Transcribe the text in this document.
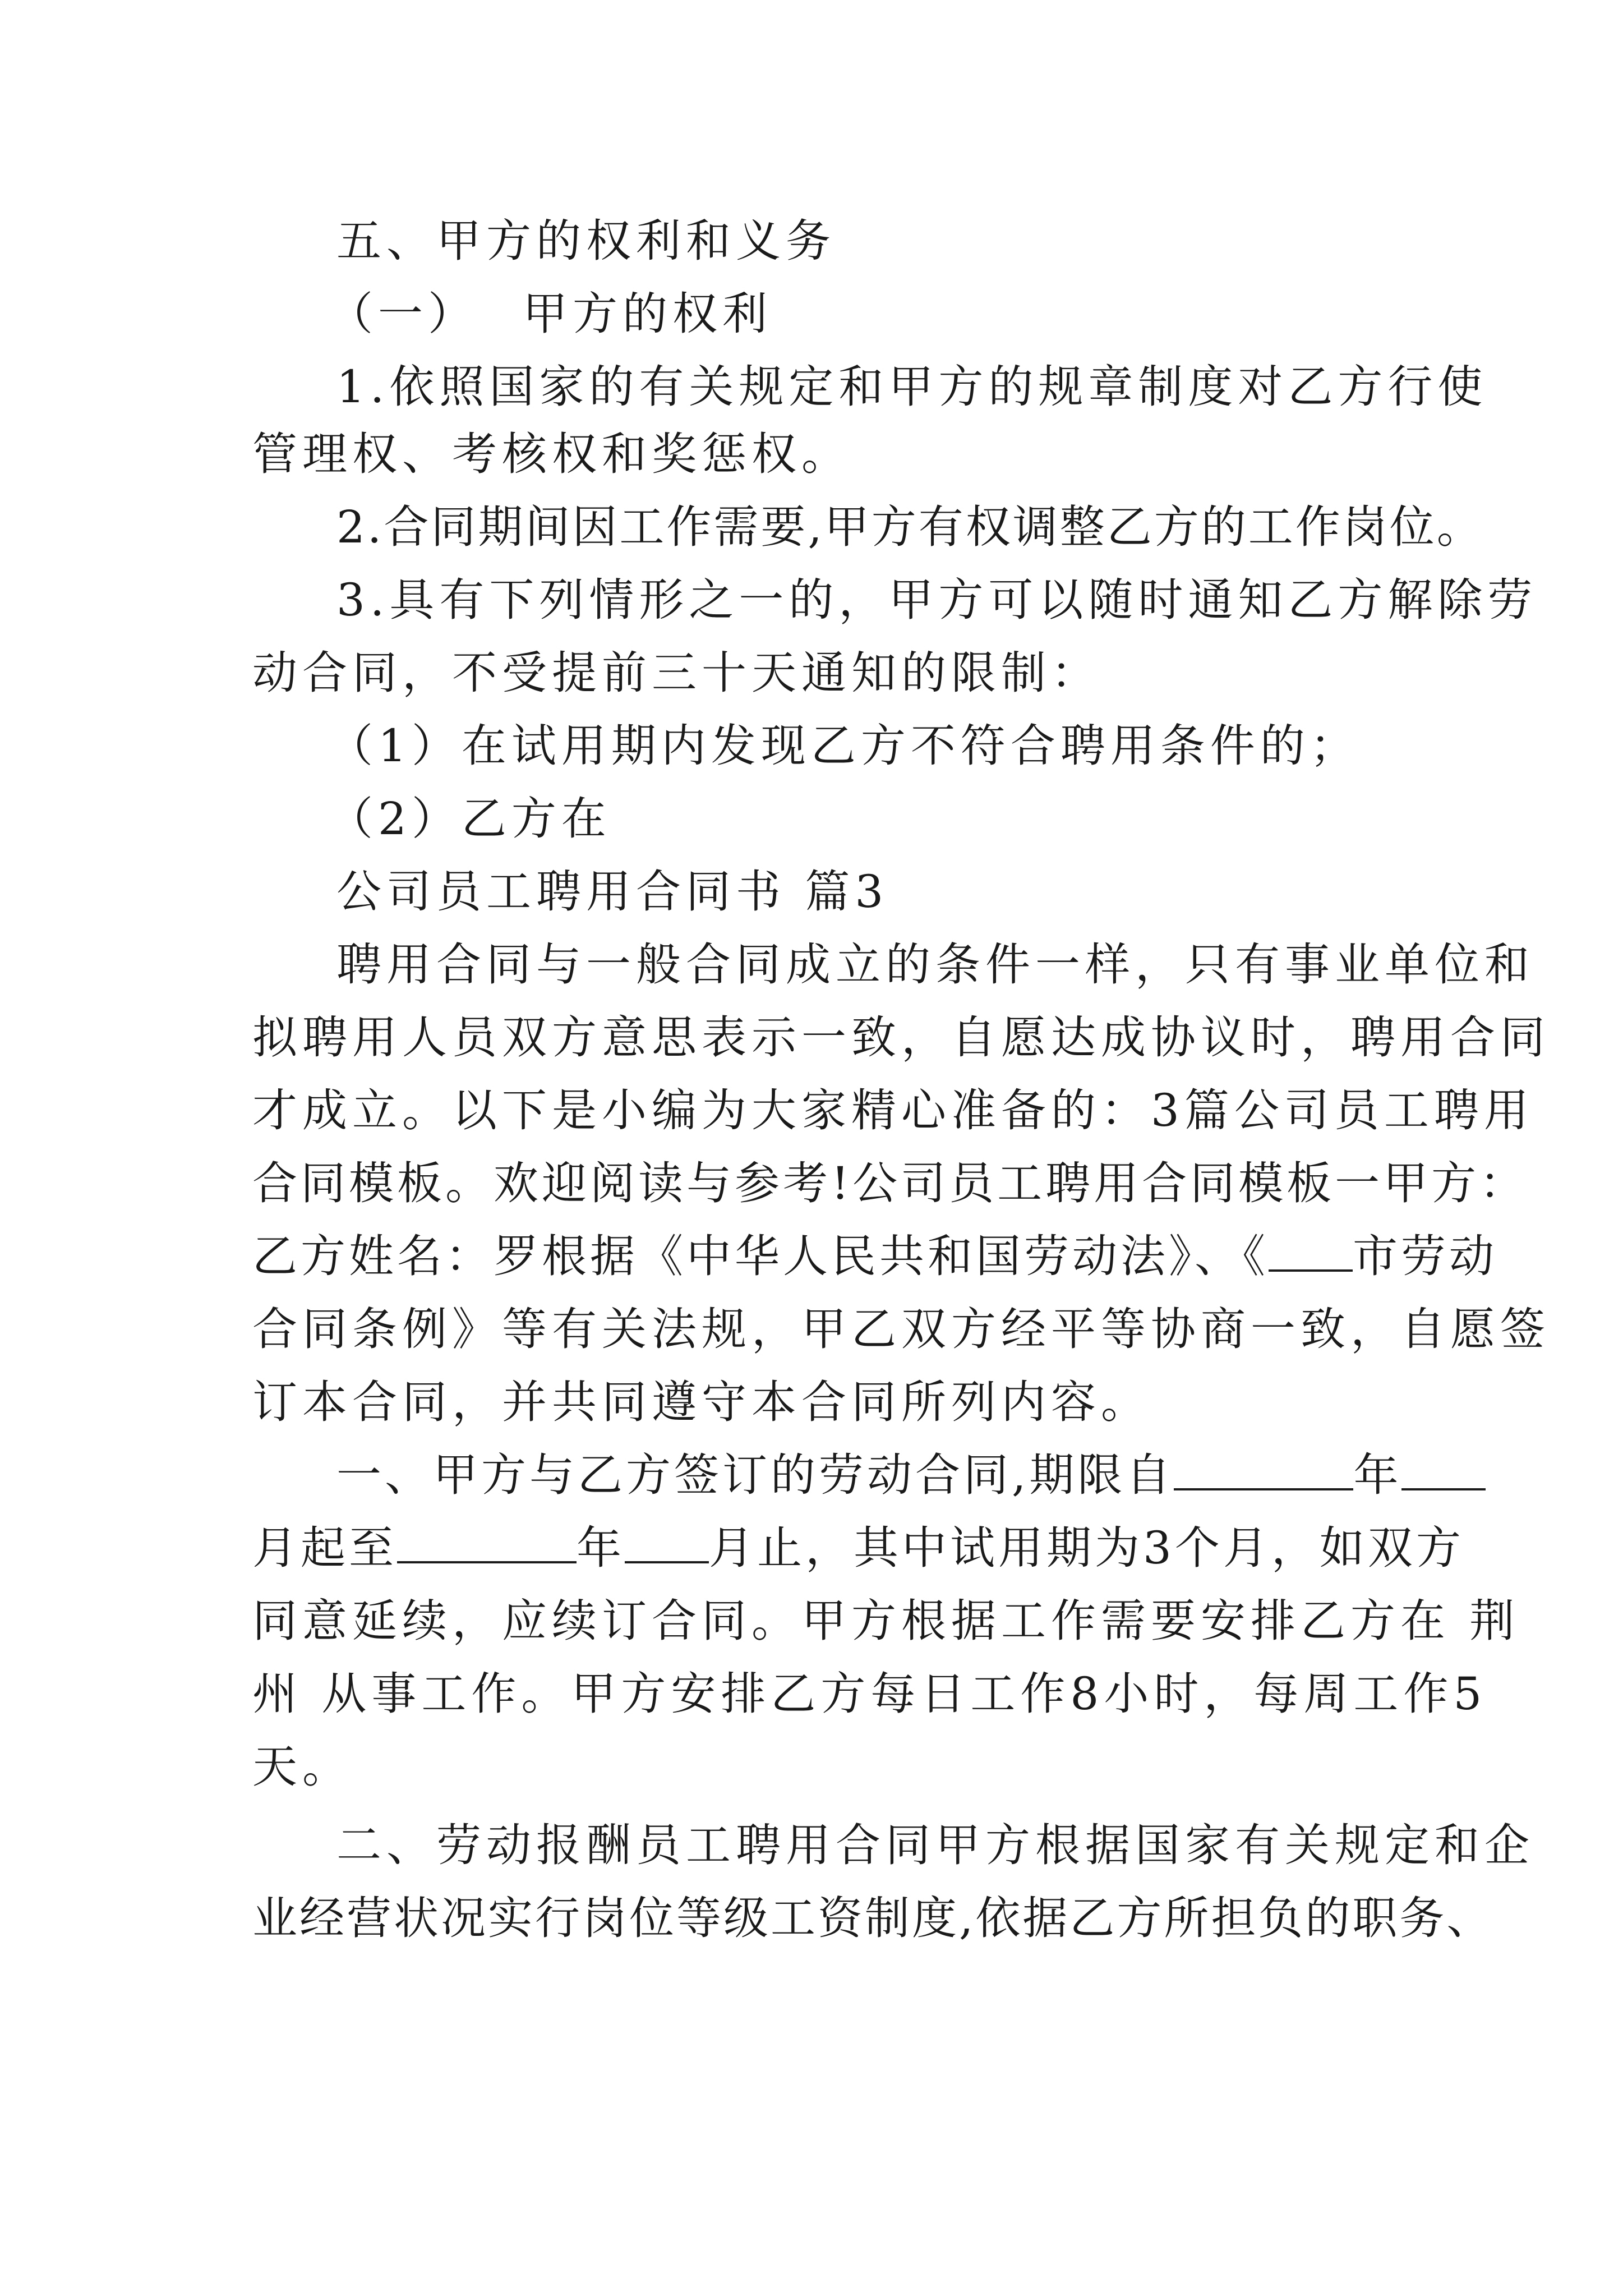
五、甲方的权利和义务
（一） 甲方的权利
1.依照国家的有关规定和甲方的规章制度对乙方行使
管理权、考核权和奖惩权。
2.合同期间因工作需要,甲方有权调整乙方的工作岗位。
3.具有下列情形之一的，甲方可以随时通知乙方解除劳
动合同，不受提前三十天通知的限制：
（1）在试用期内发现乙方不符合聘用条件的；
（2）乙方在
公司员工聘用合同书 篇3
聘用合同与一般合同成立的条件一样，只有事业单位和
拟聘用人员双方意思表示一致，自愿达成协议时，聘用合同
才成立。以下是小编为大家精心准备的：3篇公司员工聘用
合同模板。欢迎阅读与参考!公司员工聘用合同模板一甲方：
乙方姓名：罗根据《中华人民共和国劳动法》、《 市劳动
合同条例》等有关法规，甲乙双方经平等协商一致，自愿签
订本合同，并共同遵守本合同所列内容。
一、甲方与乙方签订的劳动合同,期限自	年
月起至	年 月止，其中试用期为3个月，如双方
同意延续，应续订合同。甲方根据工作需要安排乙方在 荆
州 从事工作。甲方安排乙方每日工作8小时，每周工作5
天。
二、劳动报酬员工聘用合同甲方根据国家有关规定和企
业经营状况实行岗位等级工资制度,依据乙方所担负的职务、
